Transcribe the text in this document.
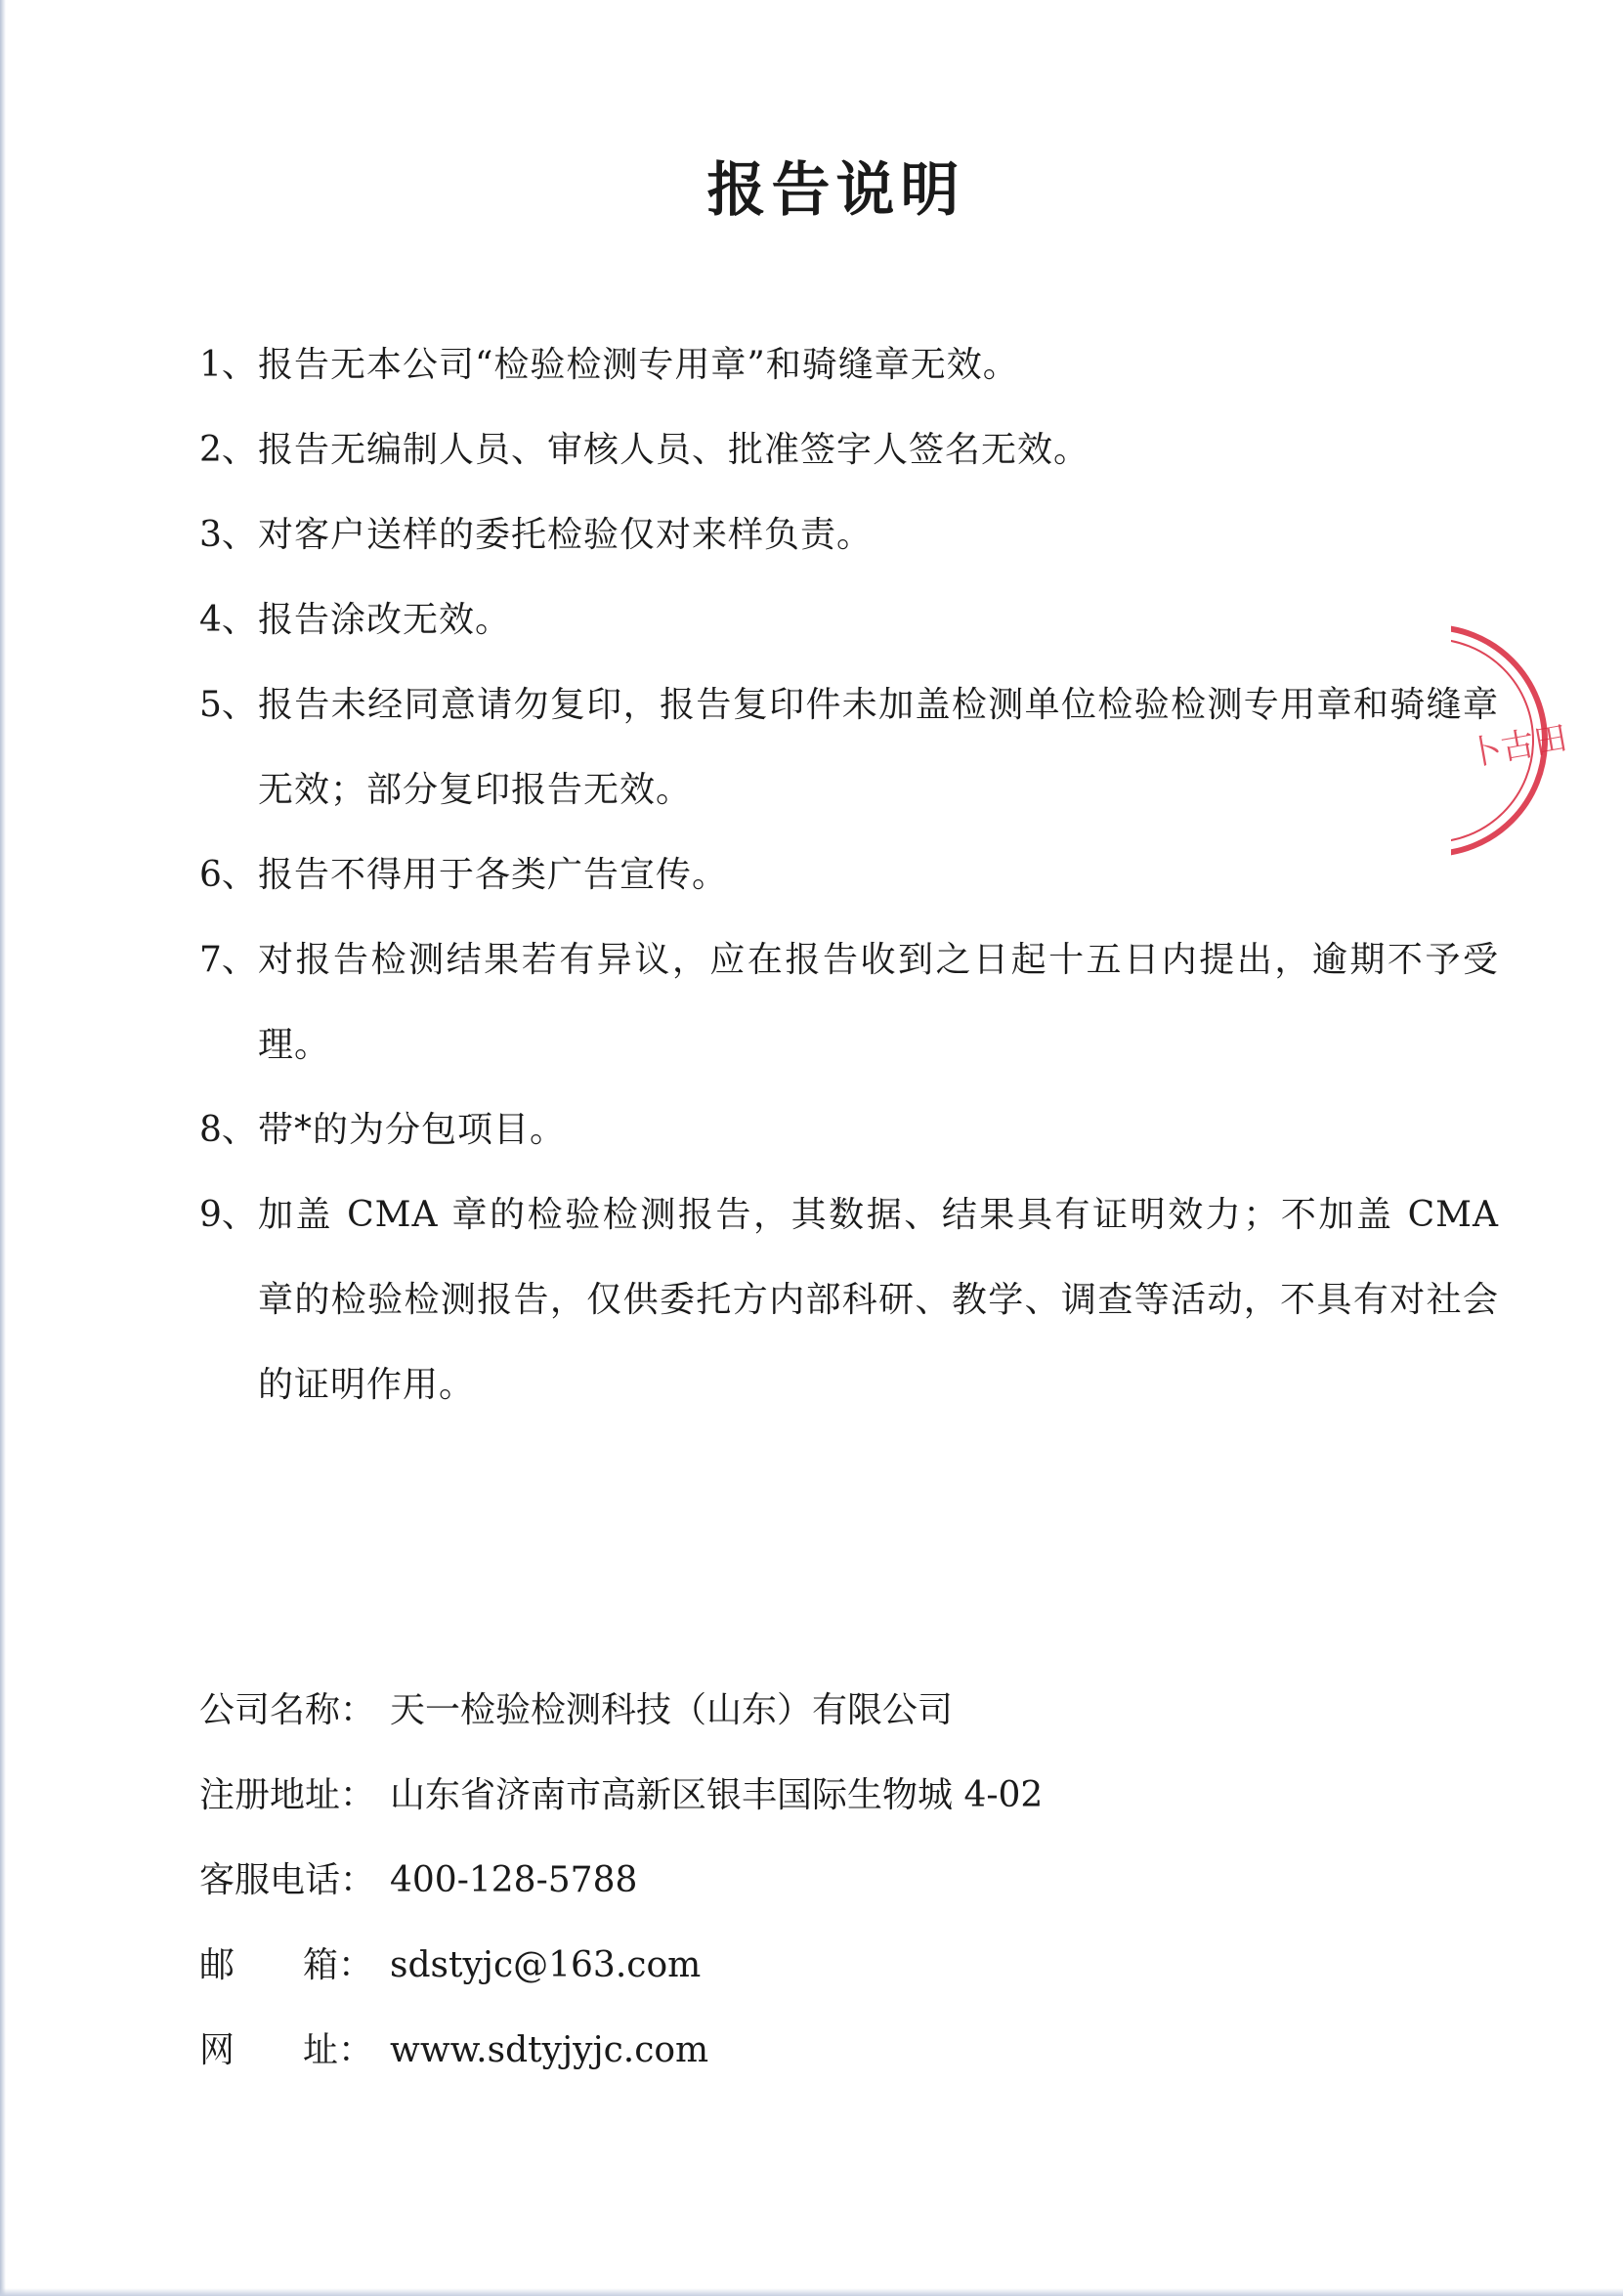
报告说明
1、 报告无本公司“检验检测专用章”和骑缝章无效。
2、 报告无编制人员、审核人员、批准签字人签名无效。
3、 对客户送样的委托检验仅对来样负责。
4、 报告涂改无效。
5、 报告未经同意请勿复印，报告复印件未加盖检测单位检验检测专用章和骑缝章无效；部分复印报告无效。
6、 报告不得用于各类广告宣传。
7、 对报告检测结果若有异议，应在报告收到之日起十五日内提出，逾期不予受理。
8、 带*的为分包项目。
9、 加盖 CMA 章的检验检测报告，其数据、结果具有证明效力；不加盖 CMA 章的检验检测报告，仅供委托方内部科研、教学、调查等活动，不具有对社会的证明作用。
公司名称： 天一检验检测科技（山东）有限公司
注册地址： 山东省济南市高新区银丰国际生物城 4-02
客服电话： 400-128-5788
邮 箱： sdstyjc@163.com
网 址： www.sdtyjyjc.com
卜古田
